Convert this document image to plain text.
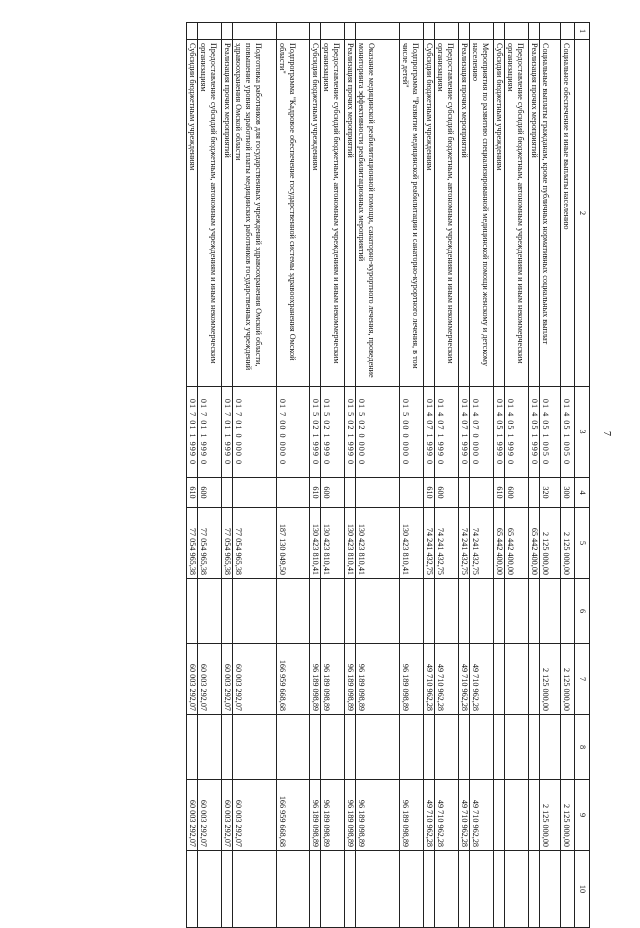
7
1	2	3	4	5	6	7	8	9	10
	Социальное обеспечение и иные выплаты населению	01 4 05 1 005 0	300	2 125 000,00		2 125 000,00		2 125 000,00	
	Социальные выплаты гражданам, кроме публичных нормативных социальных выплат	01 4 05 1 005 0	320	2 125 000,00		2 125 000,00		2 125 000,00	
	Реализация прочих мероприятий	01 4 05 1 999 0		65 442 400,00					
	Предоставление субсидий бюджетным, автономным учреждениям и иным некоммерческим организациям	01 4 05 1 999 0	600	65 442 400,00					
	Субсидии бюджетным учреждениям	01 4 05 1 999 0	610	65 442 400,00					
	Мероприятия по развитию специализированной медицинской помощи женскому и детскому населению	01 4 07 0 000 0		74 241 432,75		49 710 962,28		49 710 962,28	
	Реализация прочих мероприятий	01 4 07 1 999 0		74 241 432,75		49 710 962,28		49 710 962,28	
	Предоставление субсидий бюджетным, автономным учреждениям и иным некоммерческим организациям	01 4 07 1 999 0	600	74 241 432,75		49 710 962,28		49 710 962,28	
	Субсидии бюджетным учреждениям	01 4 07 1 999 0	610	74 241 432,75		49 710 962,28		49 710 962,28	
	Подпрограмма "Развитие медицинской реабилитации и санаторно-курортного лечения, в том числе детей"	01 5 00 0 000 0		130 423 810,41		96 189 098,89		96 189 098,89	
	Оказание медицинской реабилитационной помощи, санаторно-курортного лечения, проведение мониторинга эффективности реабилитационных мероприятий	01 5 02 0 000 0		130 423 810,41		96 189 098,89		96 189 098,89	
	Реализация прочих мероприятий	01 5 02 1 999 0		130 423 810,41		96 189 098,89		96 189 098,89	
	Предоставление субсидий бюджетным, автономным учреждениям и иным некоммерческим организациям	01 5 02 1 999 0	600	130 423 810,41		96 189 098,89		96 189 098,89	
	Субсидии бюджетным учреждениям	01 5 02 1 999 0	610	130 423 810,41		96 189 098,89		96 189 098,89	
	Подпрограмма "Кадровое обеспечение государственной системы здравоохранения Омской области"	01 7 00 0 000 0		187 130 049,50		166 959 668,68		166 959 668,68	
	Подготовка работников для государственных учреждений здравоохранения Омской области, повышение уровня заработной платы медицинских работников государственных учреждений здравоохранения Омской области	01 7 01 0 000 0		77 054 965,38		60 003 292,07		60 003 292,07	
	Реализация прочих мероприятий	01 7 01 1 999 0		77 054 965,38		60 003 292,07		60 003 292,07	
	Предоставление субсидий бюджетным, автономным учреждениям и иным некоммерческим организациям	01 7 01 1 999 0	600	77 054 965,38		60 003 292,07		60 003 292,07	
	Субсидии бюджетным учреждениям	01 7 01 1 999 0	610	77 054 965,38		60 003 292,07		60 003 292,07	
